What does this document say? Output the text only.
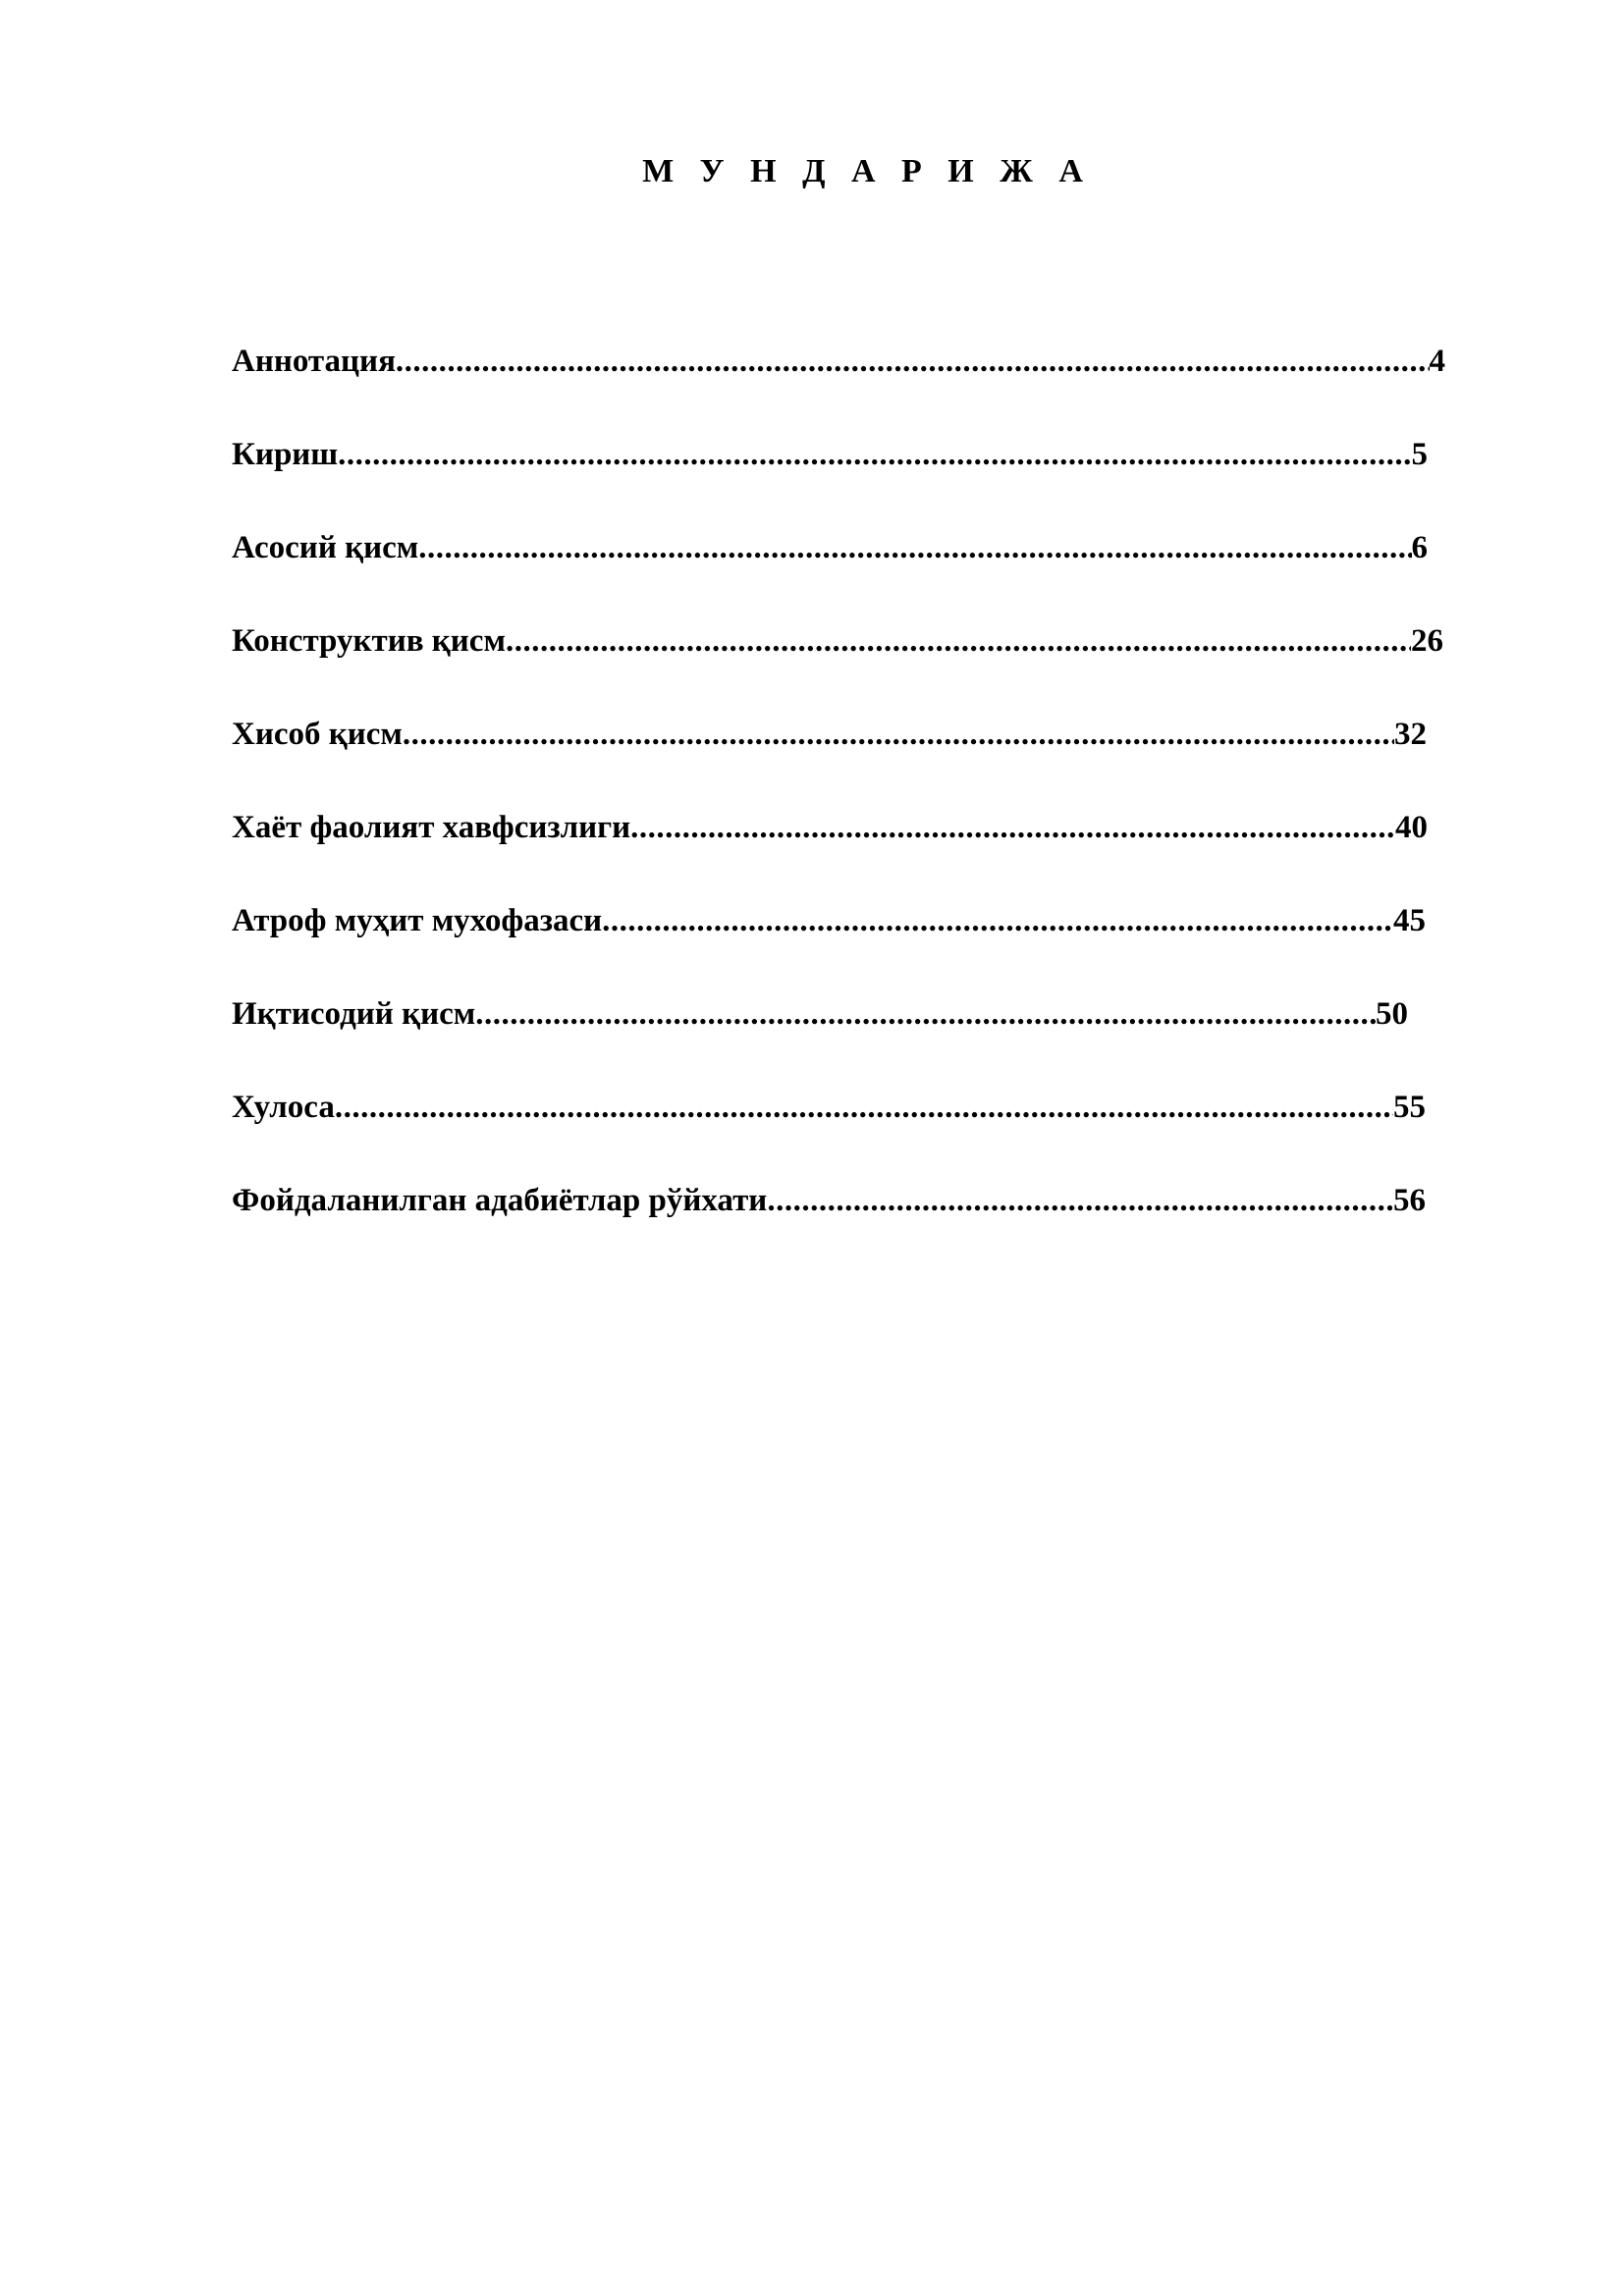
М У Н Д А Р И Ж А
Аннотация .....	4
Кириш .....	5
Асосий қисм .....	6
Конструктив қисм .....	26
Хисоб қисм .....	32
Хаёт фаолият хавфсизлиги .....	40
Атроф муҳит мухофазаси .....	45
Иқтисодий қисм .....	50
Хулоса .....	55
Фойдаланилган адабиётлар рўйхати .....	56
